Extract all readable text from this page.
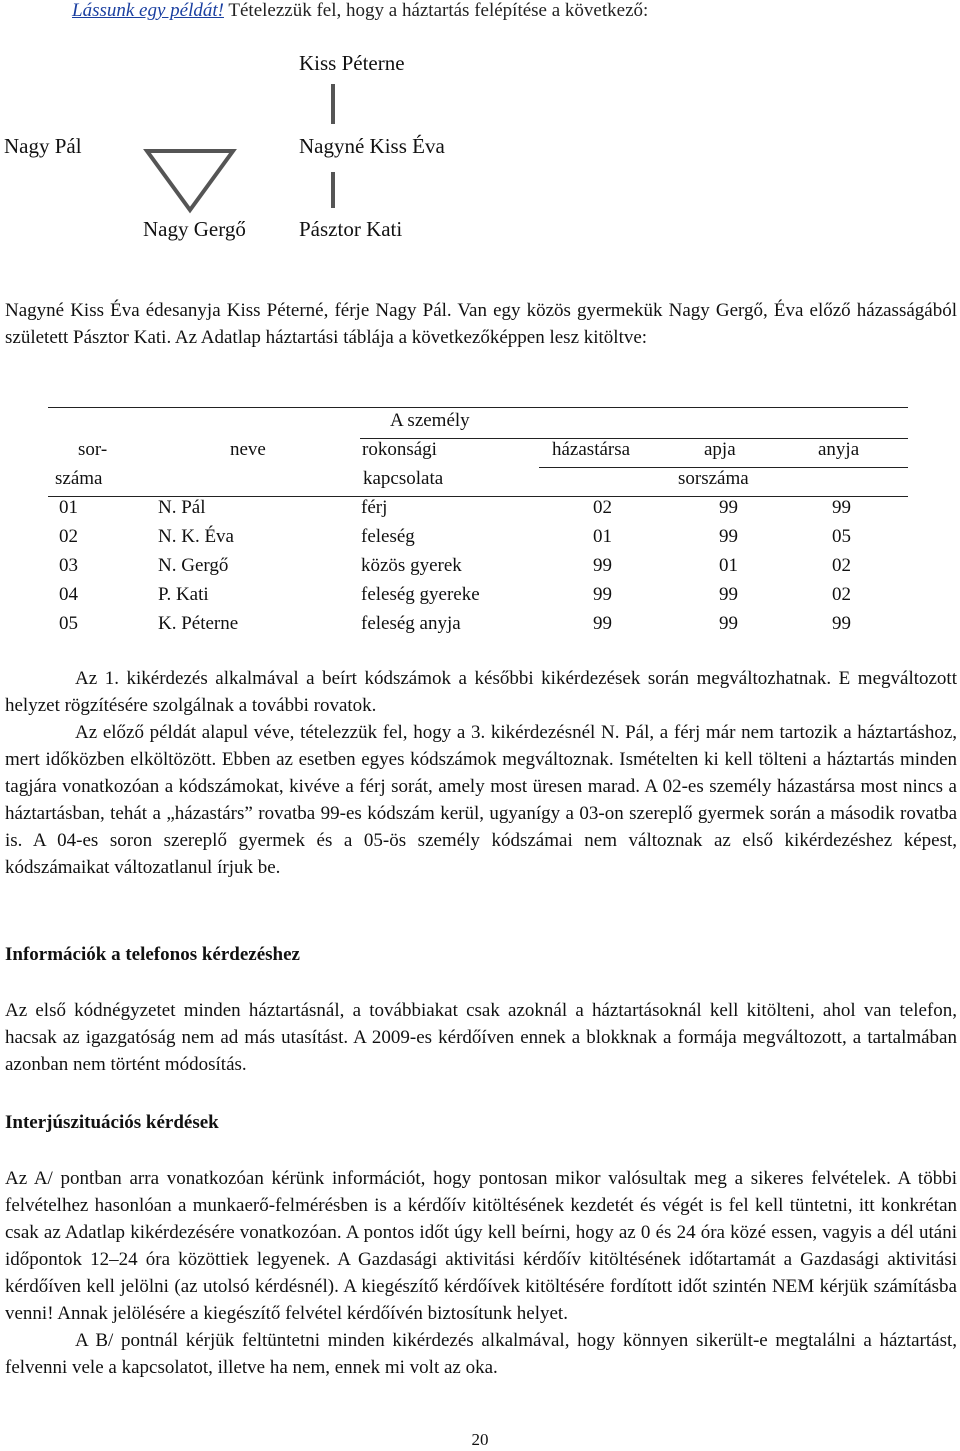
Lássunk egy példát! Tételezzük fel, hogy a háztartás felépítése a következő:
Kiss Péterne
Nagy Pál	Nagyné Kiss Éva
Nagy Gergő	Pásztor Kati

Nagyné Kiss Éva édesanyja Kiss Péterné, férje Nagy Pál. Van egy közös gyermekük Nagy Gergő, Éva előző házasságából született Pásztor Kati. Az Adatlap háztartási táblája a következőképpen lesz kitöltve:

		A személy			
sor-	neve	rokonsági	házastársa	apja	anyja
száma		kapcsolata		sorszáma	
01	N. Pál	férj	02	99	99
02	N. K. Éva	feleség	01	99	05
03	N. Gergő	közös gyerek	99	01	02
04	P. Kati	feleség gyereke	99	99	02
05	K. Péterne	feleség anyja	99	99	99

Az 1. kikérdezés alkalmával a beírt kódszámok a későbbi kikérdezések során megváltozhatnak. E megváltozott helyzet rögzítésére szolgálnak a további rovatok.

Az előző példát alapul véve, tételezzük fel, hogy a 3. kikérdezésnél N. Pál, a férj már nem tartozik a háztartáshoz, mert időközben elköltözött. Ebben az esetben egyes kódszámok megváltoznak. Ismételten ki kell tölteni a háztartás minden tagjára vonatkozóan a kódszámokat, kivéve a férj sorát, amely most üresen marad. A 02-es személy házastársa most nincs a háztartásban, tehát a „házastárs” rovatba 99-es kódszám kerül, ugyanígy a 03-on szereplő gyermek során a második rovatba is. A 04-es soron szereplő gyermek és a 05-ös személy kódszámai nem változnak az első kikérdezéshez képest, kódszámaikat változatlanul írjuk be.

Információk a telefonos kérdezéshez

Az első kódnégyzetet minden háztartásnál, a továbbiakat csak azoknál a háztartásoknál kell kitölteni, ahol van telefon, hacsak az igazgatóság nem ad más utasítást. A 2009-es kérdőíven ennek a blokknak a formája megváltozott, a tartalmában azonban nem történt módosítás.

Interjúszituációs kérdések

Az A/ pontban arra vonatkozóan kérünk információt, hogy pontosan mikor valósultak meg a sikeres felvételek. A többi felvételhez hasonlóan a munkaerő-felmérésben is a kérdőív kitöltésének kezdetét és végét is fel kell tüntetni, itt konkrétan csak az Adatlap kikérdezésére vonatkozóan. A pontos időt úgy kell beírni, hogy az 0 és 24 óra közé essen, vagyis a dél utáni időpontok 12–24 óra közöttiek legyenek. A Gazdasági aktivitási kérdőív kitöltésének időtartamát a Gazdasági aktivitási kérdőíven kell jelölni (az utolsó kérdésnél). A kiegészítő kérdőívek kitöltésére fordított időt szintén NEM kérjük számításba venni! Annak jelölésére a kiegészítő felvétel kérdőívén biztosítunk helyet.

A B/ pontnál kérjük feltüntetni minden kikérdezés alkalmával, hogy könnyen sikerült-e megtalálni a háztartást, felvenni vele a kapcsolatot, illetve ha nem, ennek mi volt az oka.

20
